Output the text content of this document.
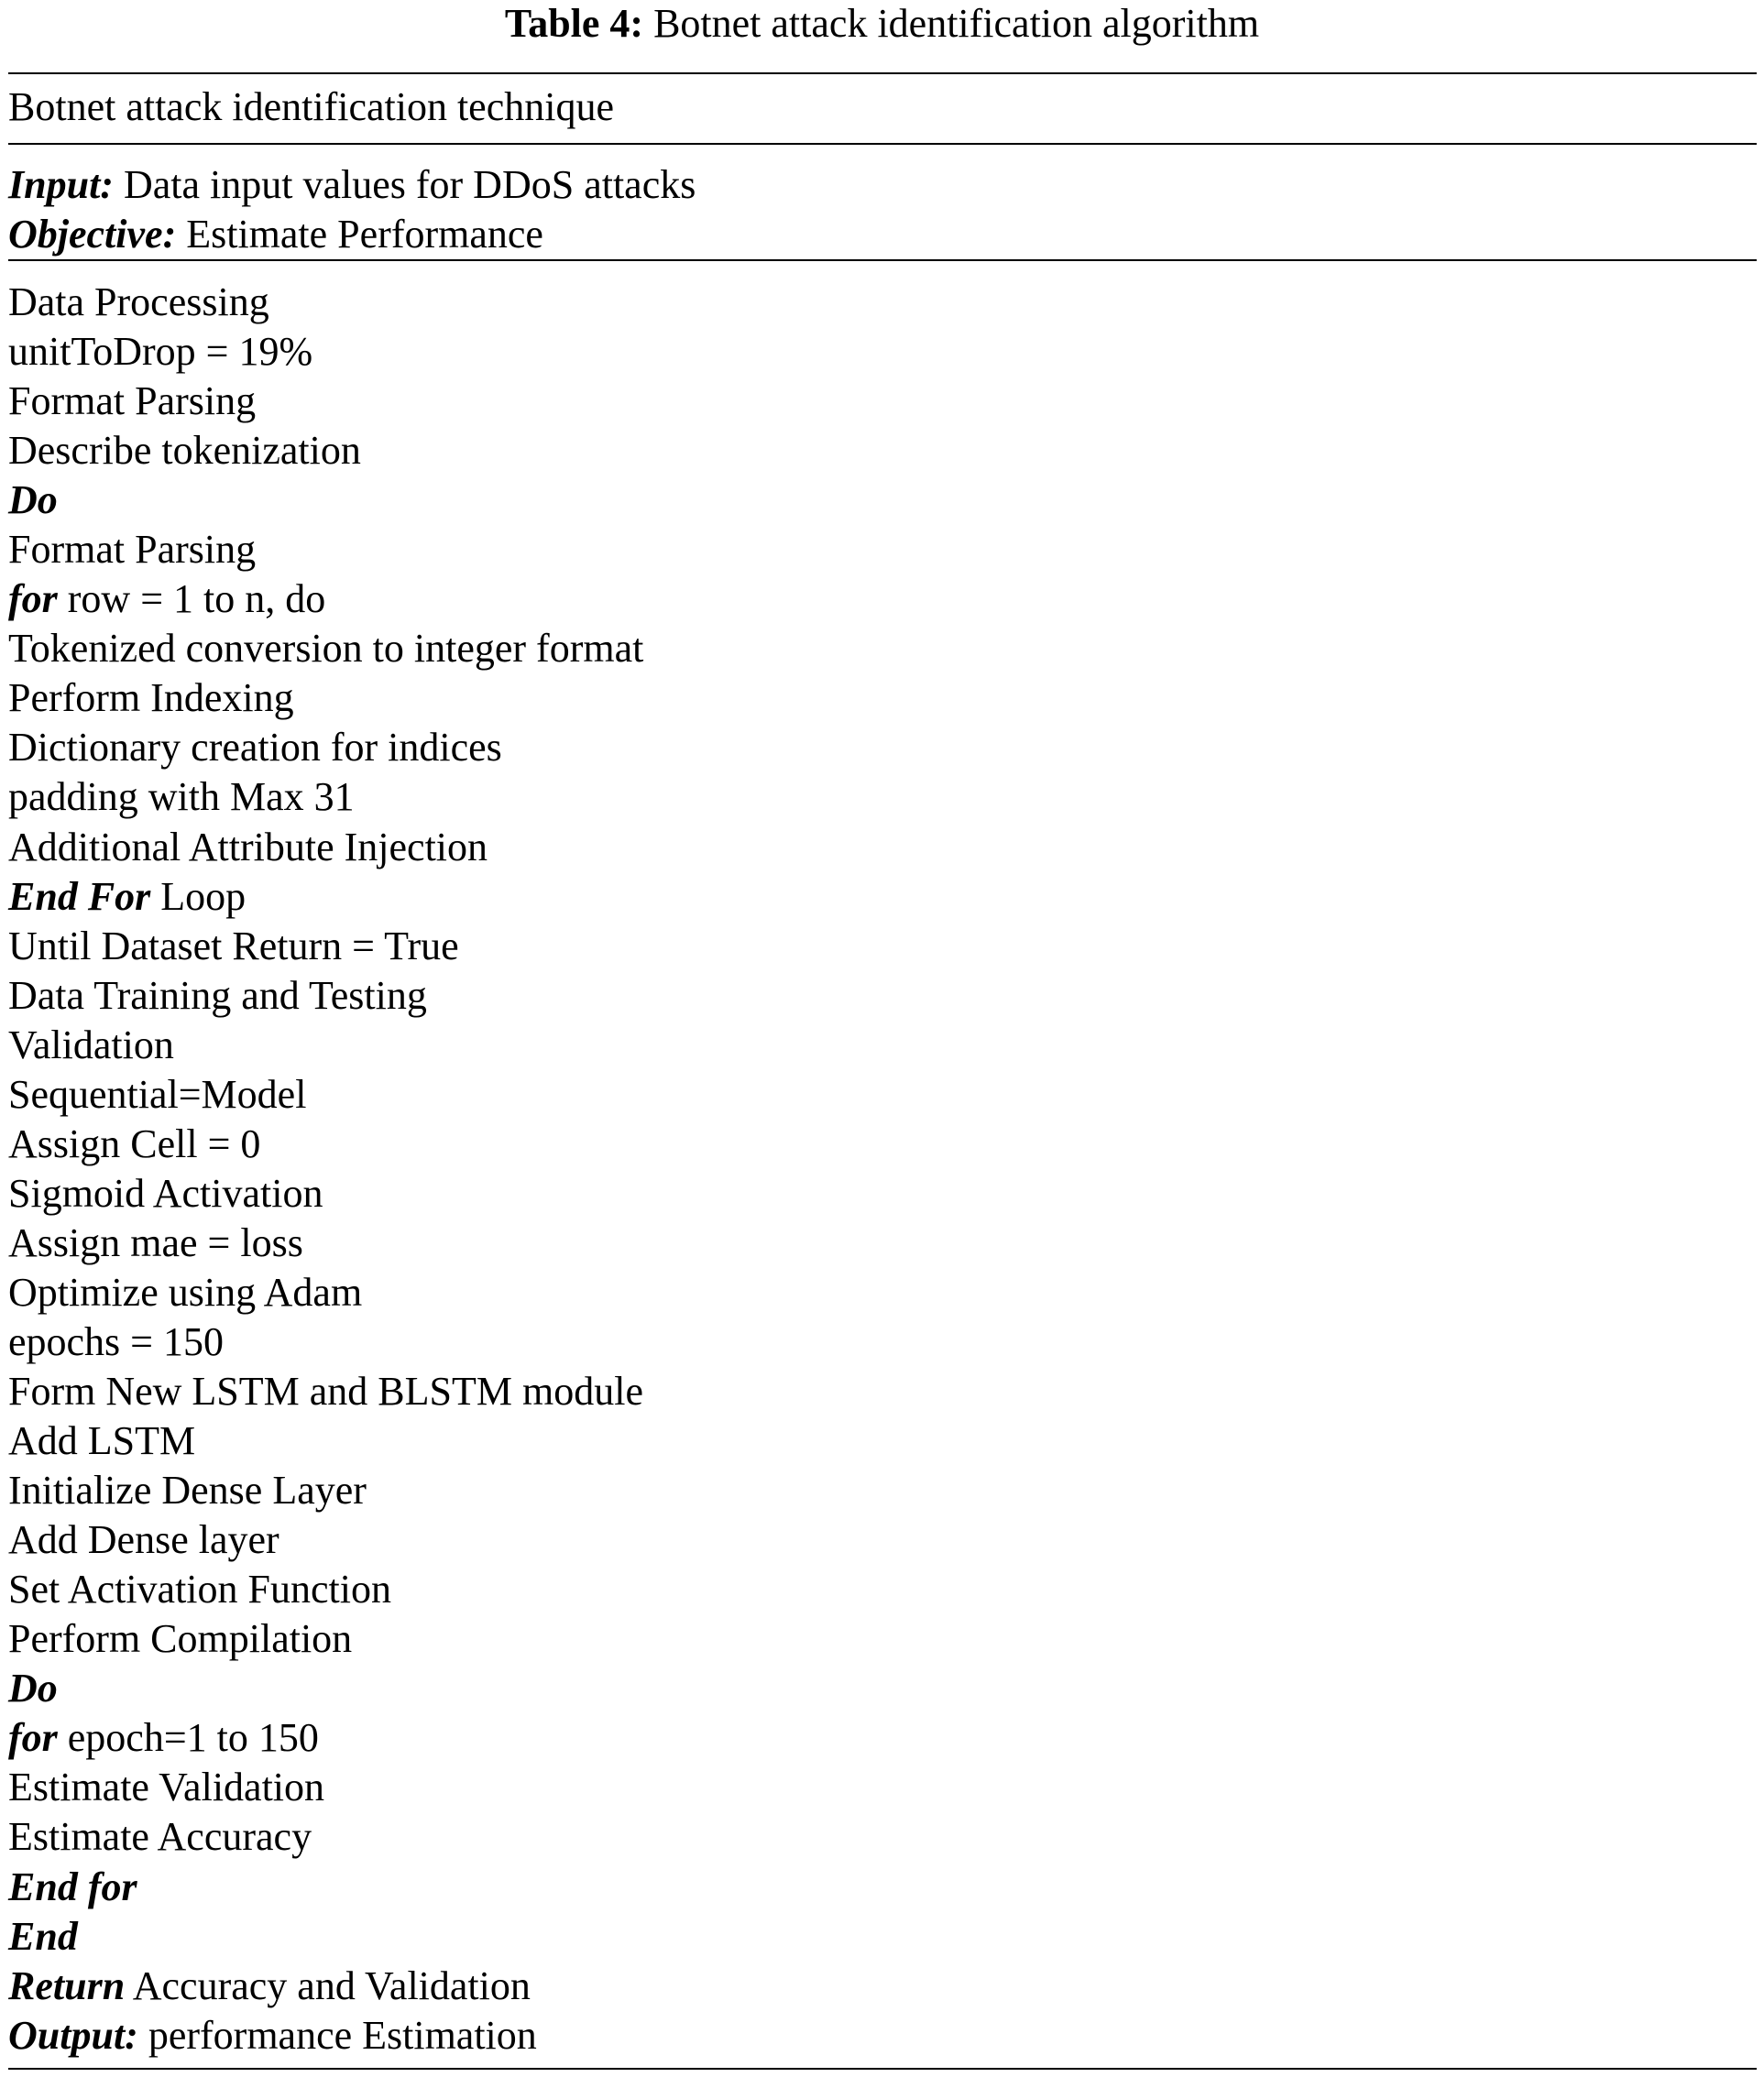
Table 4: Botnet attack identification algorithm
Botnet attack identification technique
Input: Data input values for DDoS attacks
Objective: Estimate Performance
Data Processing
unitToDrop = 19%
Format Parsing
Describe tokenization
Do
Format Parsing
for row = 1 to n, do
Tokenized conversion to integer format
Perform Indexing
Dictionary creation for indices
padding with Max 31
Additional Attribute Injection
End For Loop
Until Dataset Return = True
Data Training and Testing
Validation
Sequential=Model
Assign Cell = 0
Sigmoid Activation
Assign mae = loss
Optimize using Adam
epochs = 150
Form New LSTM and BLSTM module
Add LSTM
Initialize Dense Layer
Add Dense layer
Set Activation Function
Perform Compilation
Do
for epoch=1 to 150
Estimate Validation
Estimate Accuracy
End for
End
Return Accuracy and Validation
Output: performance Estimation
